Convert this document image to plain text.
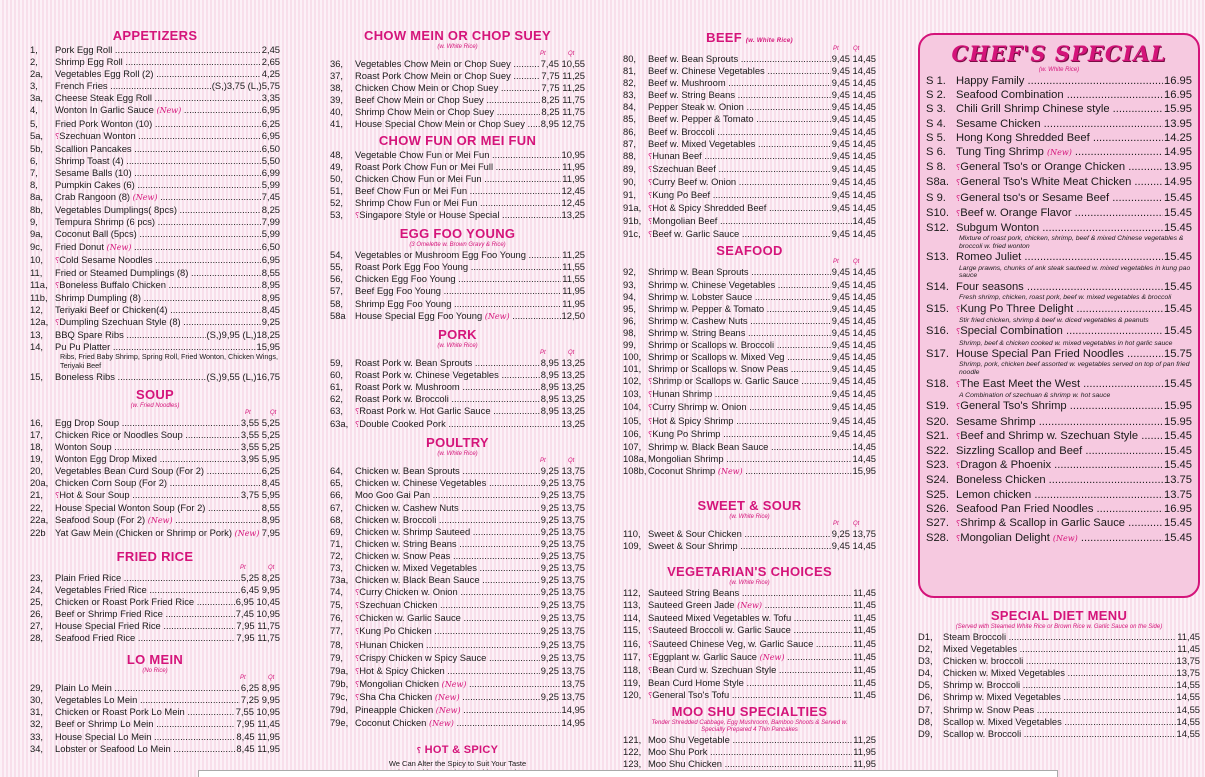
APPETIZERS
1,	Pork Egg Roll .....	2,45
2,	Shrimp Egg Roll .....	2,65
2a,	Vegetables Egg Roll (2) .....	4,25
3,	French Fries .....	(S,)3,75 (L,)5,75
3a,	Cheese Steak Egg Roll .....	3,35
4,	Wonton In Garlic Sauce (New) .....	6,95
5,	Fried Pork Wonton (10) .....	6,25
5a,	⸮Szechuan Wonton .....	6,95
5b,	Scallion Pancakes .....	6,50
6,	Shrimp Toast (4) .....	5,50
7,	Sesame Balls (10) .....	6,99
8,	Pumpkin Cakes (6) .....	5,99
8a,	Crab Rangoon (8) (New) .....	7,45
8b,	Vegetables Dumplings( 8pcs) .....	8,25
9,	Tempura Shrimp (6 pcs) .....	7,99
9a,	Coconut Ball (5pcs) .....	5,99
9c,	Fried Donut (New) .....	6,50
10,	⸮Cold Sesame Noodles .....	6,95
11,	Fried or Steamed Dumplings (8) .....	8,55
11a, ⸮Boneless Buffalo Chicken .....	8,95
11b, Shrimp Dumpling (8) .....	8,95
12,	Teriyaki Beef or Chicken(4) .....	8,45
12a, ⸮Dumpling Szechuan Style (8) .....	9,25
13,	BBQ Spare Ribs .....	(S,)9,95 (L,)18,25
14,	Pu Pu Platter .....	15,95
Ribs, Fried Baby Shrimp, Spring Roll, Fried Wonton, Chicken Wings, Teriyaki Beef
15,	Boneless Ribs .....	(S,)9,55 (L,)16,75
SOUP
(w. Fried Noodles)
Pt	Qt
16,	Egg Drop Soup .....	3,55 5,25
17,	Chicken Rice or Noodles Soup .....	3,55 5,25
18,	Wonton Soup .....	3,55 5,25
19,	Wonton Egg Drop Mixed .....	3,95 5,95
20,	Vegetables Bean Curd Soup (For 2) .....	6,25
20a, Chicken Corn Soup (For 2) .....	8,45
21,	⸮Hot & Sour Soup .....	3,75 5,95
22,	House Special Wonton Soup (For 2) .....	8,55
22a, Seafood Soup (For 2) (New) .....	8,95
22b Yat Gaw Mein (Chicken or Shrimp or Pork) (New) ..... 7,95
FRIED RICE
Pt	Qt
23,	Plain Fried Rice .....	5,25 8,25
24,	Vegetables Fried Rice .....	6,45 9,95
25,	Chicken or Roast Pork Fried Rice .....	6,95 10,45
26,	Beef or Shrimp Fried Rice .....	7,45 10,95
27,	House Special Fried Rice .....	7,95 11,75
28,	Seafood Fried Rice .....	7,95 11,75
LO MEIN
(No Rice)
Pt	Qt
29,	Plain Lo Mein .....	6,25 8,95
30,	Vegetables Lo Mein .....	7,25 9,95
31,	Chicken or Roast Pork Lo Mein .....	7,55 10,95
32,	Beef or Shrimp Lo Mein .....	7,95 11,45
33,	House Special Lo Mein .....	8,45 11,95
34,	Lobster or Seafood Lo Mein .....	8,45 11,95
CHOW MEIN OR CHOP SUEY
(w. White Rice)
Pt	Qt
36,	Vegetables Chow Mein or Chop Suey .....	7,45 10,55
37,	Roast Pork Chow Mein or Chop Suey .....	7,75 11,25
38,	Chicken Chow Mein or Chop Suey .....	7,75 11,25
39,	Beef Chow Mein or Chop Suey .....	8,25 11,75
40,	Shrimp Chow Mein or Chop Suey .....	8,25 11,75
41,	House Special Chow Mein or Chop Suey .....	8,95 12,75
CHOW FUN OR MEI FUN
48,	Vegetable Chow Fun or Mei Fun .....	10,95
49,	Roast Pork Chow Fun or Mei Full .....	11,95
50,	Chicken Chow Fun or Mei Fun .....	11,95
51,	Beef Chow Fun or Mei Fun .....	12,45
52,	Shrimp Chow Fun or Mei Fun .....	12,45
53,	⸮Singapore Style or House Special .....	13,25
EGG FOO YOUNG
(3 Omelette w. Brown Gravy & Rice)
54,	Vegetables or Mushroom Egg Foo Young .....	11,25
55,	Roast Pork Egg Foo Young .....	11,55
56,	Chicken Egg Foo Young .....	11,55
57,	Beef Egg Foo Young .....	11,95
58,	Shrimp Egg Foo Young .....	11,95
58a House Special Egg Foo Young (New) .....	12,50
PORK
(w. White Rice)
Pt	Qt
59,	Roast Pork w. Bean Sprouts .....	8,95 13,25
60,	Roast Pork w. Chinese Vegetables .....	8,95 13,25
61,	Roast Pork w. Mushroom .....	8,95 13,25
62,	Roast Pork w. Broccoli .....	8,95 13,25
63,	⸮Roast Pork w. Hot Garlic Sauce .....	8,95 13,25
63a, ⸮Double Cooked Pork .....	13,25
POULTRY
(w. White Rice)
Pt	Qt
64,	Chicken w. Bean Sprouts .....	9,25 13,75
65,	Chicken w. Chinese Vegetables .....	9,25 13,75
66,	Moo Goo Gai Pan .....	9,25 13,75
67,	Chicken w. Cashew Nuts .....	9,25 13,75
68,	Chicken w. Broccoli .....	9,25 13,75
69,	Chicken w. Shrimp Sauteed .....	9,25 13,75
71,	Chicken w. String Beans .....	9,25 13,75
72,	Chicken w. Snow Peas .....	9,25 13,75
73,	Chicken w. Mixed Vegetables .....	9,25 13,75
73a, Chicken w. Black Bean Sauce .....	9,25 13,75
74,	⸮Curry Chicken w. Onion .....	9,25 13,75
75,	⸮Szechuan Chicken .....	9,25 13,75
76,	⸮Chicken w. Garlic Sauce .....	9,25 13,75
77,	⸮Kung Po Chicken .....	9,25 13,75
78,	⸮Hunan Chicken .....	9,25 13,75
79,	⸮Crispy Chicken w Spicy Sauce .....	9,25 13,75
79a, ⸮Hot & Spicy Chicken .....	9,25 13,75
79b, ⸮Mongolian Chicken (New) .....	13,75
79c, ⸮Sha Cha Chicken (New) .....	9,25 13,75
79d, Pineapple Chicken (New) .....	14,95
79e, Coconut Chicken (New) .....	14,95
⸮ HOT & SPICY
We Can Alter the Spicy to Suit Your Taste
BEEF (w. White Rice)
Pt Qt
80,	Beef w. Bean Sprouts .....	9,45 14,45
81,	Beef w. Chinese Vegetables .....	9,45 14,45
82,	Beef w. Mushroom .....	9,45 14,45
83,	Beef w. String Beans .....	9,45 14,45
84,	Pepper Steak w. Onion .....	9,45 14,45
85,	Beef w. Pepper & Tomato .....	9,45 14,45
86,	Beef w. Broccoli .....	9,45 14,45
87,	Beef w. Mixed Vegetables .....	9,45 14,45
88,	⸮Hunan Beef .....	9,45 14,45
89,	⸮Szechuan Beef .....	9,45 14,45
90,	⸮Curry Beef w. Onion .....	9,45 14,45
91,	⸮Kung Po Beef .....	9,45 14,45
91a, ⸮Hot & Spicy Shredded Beef .....	9,45 14,45
91b, ⸮Mongolian Beef .....	14,45
91c, ⸮Beef w. Garlic Sauce .....	9,45 14,45
SEAFOOD
Pt Qt
92,	Shrimp w. Bean Sprouts .....	9,45 14,45
93,	Shrimp w. Chinese Vegetables .....	9,45 14,45
94,	Shrimp w. Lobster Sauce .....	9,45 14,45
95,	Shrimp w. Pepper & Tomato .....	9,45 14,45
96,	Shrimp w. Cashew Nuts .....	9,45 14,45
98,	Shrimp w. String Beans .....	9,45 14,45
99,	Shrimp or Scallops w. Broccoli .....	9,45 14,45
100, Shrimp or Scallops w. Mixed Veg .....	9,45 14,45
101, Shrimp or Scallops w. Snow Peas .....	9,45 14,45
102, ⸮Shrimp or Scallops w. Garlic Sauce .....	9,45 14,45
103, ⸮Hunan Shrimp .....	9,45 14,45
104, ⸮Curry Shrimp w. Onion .....	9,45 14,45
105, ⸮Hot & Spicy Shrimp .....	9,45 14,45
106, ⸮Kung Po Shrimp .....	9,45 14,45
107, Shrimp w. Black Bean Sauce .....	14,45
108a, Mongolian Shrimp .....	14,45
108b, Coconut Shrimp (New) .....	15,95
SWEET & SOUR
(w. White Rice)
Pt Qt
110, Sweet & Sour Chicken .....	9,25 13,75
109, Sweet & Sour Shrimp .....	9,45 14,45
VEGETARIAN'S CHOICES
(w. White Rice)
112, Sauteed String Beans .....	11,45
113, Sauteed Green Jade (New) .....	11,45
114, Sauteed Mixed Vegetables w. Tofu .....	11,45
115, ⸮Sauteed Broccoli w. Garlic Sauce .....	11,45
116, ⸮Sauteed Chinese Veg, w. Garlic Sauce .....	11,45
117, ⸮Eggplant w. Garlic Sauce (New) .....	11,45
118, ⸮Bean Curd w. Szechuan Style .....	11,45
119, Bean Curd Home Style .....	11,45
120, ⸮General Tso's Tofu .....	11,45
MOO SHU SPECIALTIES
Tender Shredded Cabbage, Egg Mushroom, Bamboo Shoots & Served w. Specially Prepared 4 Thin Pancakes
121, Moo Shu Vegetable .....	11,25
122, Moo Shu Pork .....	11,95
123, Moo Shu Chicken .....	11,95
.....
CHEF'S SPECIAL
(w. White Rice)
S 1. Happy Family .....	16.95
S 2. Seafood Combination .....	16.95
S 3. Chili Grill Shrimp Chinese style .....	15.95
S 4. Sesame Chicken .....	13.95
S 5. Hong Kong Shredded Beef .....	14.25
S 6. Tung Ting Shrimp (New) .....	14.95
S 8.	⸮General Tso's or Orange Chicken .....	13.95
S8a. ⸮General Tso's White Meat Chicken .....	14.95
S 9.	⸮General tso's or Sesame Beef .....	15.45
S10. ⸮Beef w. Orange Flavor .....	15.45
S12. Subgum Wonton .....	15.45
Mixture of roast pork, chicken, shrimp, beef & mixed Chinese vegetables & broccoli w. fried wonton
S13. Romeo Juliet .....	15.45
Large prawns, chunks of ank steak sauteed w. mixed vegetables in kung pao sauce
S14. Four seasons .....	15.45
Fresh shrimp, chicken, roast pork, beef w. mixed vegetables & broccoli
S15. ⸮Kung Po Three Delight .....	15.45
Stir fried chicken, shrimp & beef w. diced vegetables & peanuts
S16. ⸮Special Combination .....	15.45
Shrimp, beef & chicken cooked w. mixed vegetables in hot garlic sauce
S17. House Special Pan Fried Noodles .....	15.75
Shrimp, pork, chicken beef assorted w. vegetables served on top of pan fried noodle
S18. ⸮The East Meet the West .....	15.45
A Combination of szechuan & shrimp w. hot sauce
S19. ⸮General Tso's Shrimp .....	15.95
S20. Sesame Shrimp .....	15.95
S21. ⸮Beef and Shrimp w. Szechuan Style .....	15.45
S22. Sizzling Scallop and Beef .....	15.45
S23. ⸮Dragon & Phoenix .....	15.45
S24. Boneless Chicken .....	13.75
S25. Lemon chicken .....	13.75
S26. Seafood Pan Fried Noodles .....	16.95
S27. ⸮Shrimp & Scallop in Garlic Sauce .....	15.45
S28. ⸮Mongolian Delight (New) .....	15.45
SPECIAL DIET MENU
(Served with Steamed White Rice or Brown Rice w. Garlic Sauce on the Side)
D1,	Steam Broccoli .....	11,45
D2,	Mixed Vegetables .....	11,45
D3,	Chicken w. broccoli .....	13,75
D4,	Chicken w. Mixed Vegetables .....	13,75
D5,	Shrimp w. Broccoli .....	14,55
D6,	Shrimp w. Mixed Vegetables .....	14,55
D7,	Shrimp w. Snow Peas .....	14,55
D8,	Scallop w. Mixed Vegetables .....	14,55
D9,	Scallop w. Broccoli .....	14,55
